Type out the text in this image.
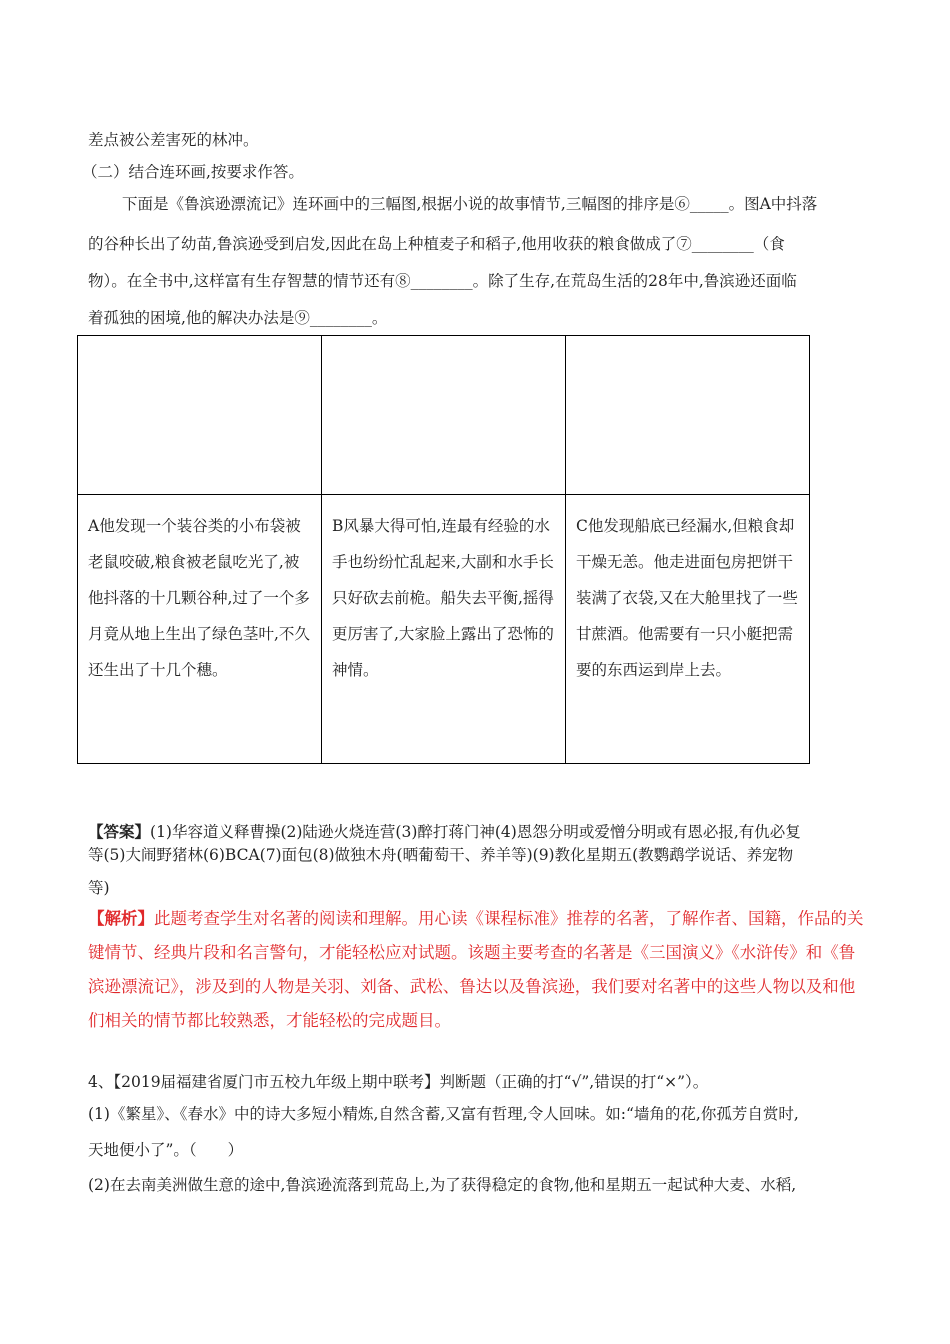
差点被公差害死的林冲。
（二）结合连环画,按要求作答。
下面是《鲁滨逊漂流记》连环画中的三幅图,根据小说的故事情节,三幅图的排序是⑥_____。图A中抖落
的谷种长出了幼苗,鲁滨逊受到启发,因此在岛上种植麦子和稻子,他用收获的粮食做成了⑦________（食
物）。在全书中,这样富有生存智慧的情节还有⑧________。除了生存,在荒岛生活的28年中,鲁滨逊还面临
着孤独的困境,他的解决办法是⑨________。

A他发现一个装谷类的小布袋被老鼠咬破,粮食被老鼠吃光了,被他抖落的十几颗谷种,过了一个多月竟从地上生出了绿色茎叶,不久还生出了十几个穗。	B风暴大得可怕,连最有经验的水手也纷纷忙乱起来,大副和水手长只好砍去前桅。船失去平衡,摇得更厉害了,大家脸上露出了恐怖的神情。	C他发现船底已经漏水,但粮食却干燥无恙。他走进面包房把饼干装满了衣袋,又在大舱里找了一些甘蔗酒。他需要有一只小艇把需要的东西运到岸上去。
【答案】(1)华容道义释曹操(2)陆逊火烧连营(3)醉打蒋门神(4)恩怨分明或爱憎分明或有恩必报,有仇必复
等(5)大闹野猪林(6)BCA(7)面包(8)做独木舟(晒葡萄干、养羊等)(9)教化星期五(教鹦鹉学说话、养宠物
等)
【解析】此题考查学生对名著的阅读和理解。用心读《课程标准》推荐的名著，了解作者、国籍，作品的关键情节、经典片段和名言警句，才能轻松应对试题。该题主要考查的名著是《三国演义》《水浒传》和《鲁滨逊漂流记》，涉及到的人物是关羽、刘备、武松、鲁达以及鲁滨逊，我们要对名著中的这些人物以及和他们相关的情节都比较熟悉，才能轻松的完成题目。
4、【2019届福建省厦门市五校九年级上期中联考】判断题（正确的打“√”,错误的打“×”）。
(1)《繁星》、《春水》中的诗大多短小精炼,自然含蓄,又富有哲理,令人回味。如:“墙角的花,你孤芳自赏时,
天地便小了”。（　　）
(2)在去南美洲做生意的途中,鲁滨逊流落到荒岛上,为了获得稳定的食物,他和星期五一起试种大麦、水稻,
